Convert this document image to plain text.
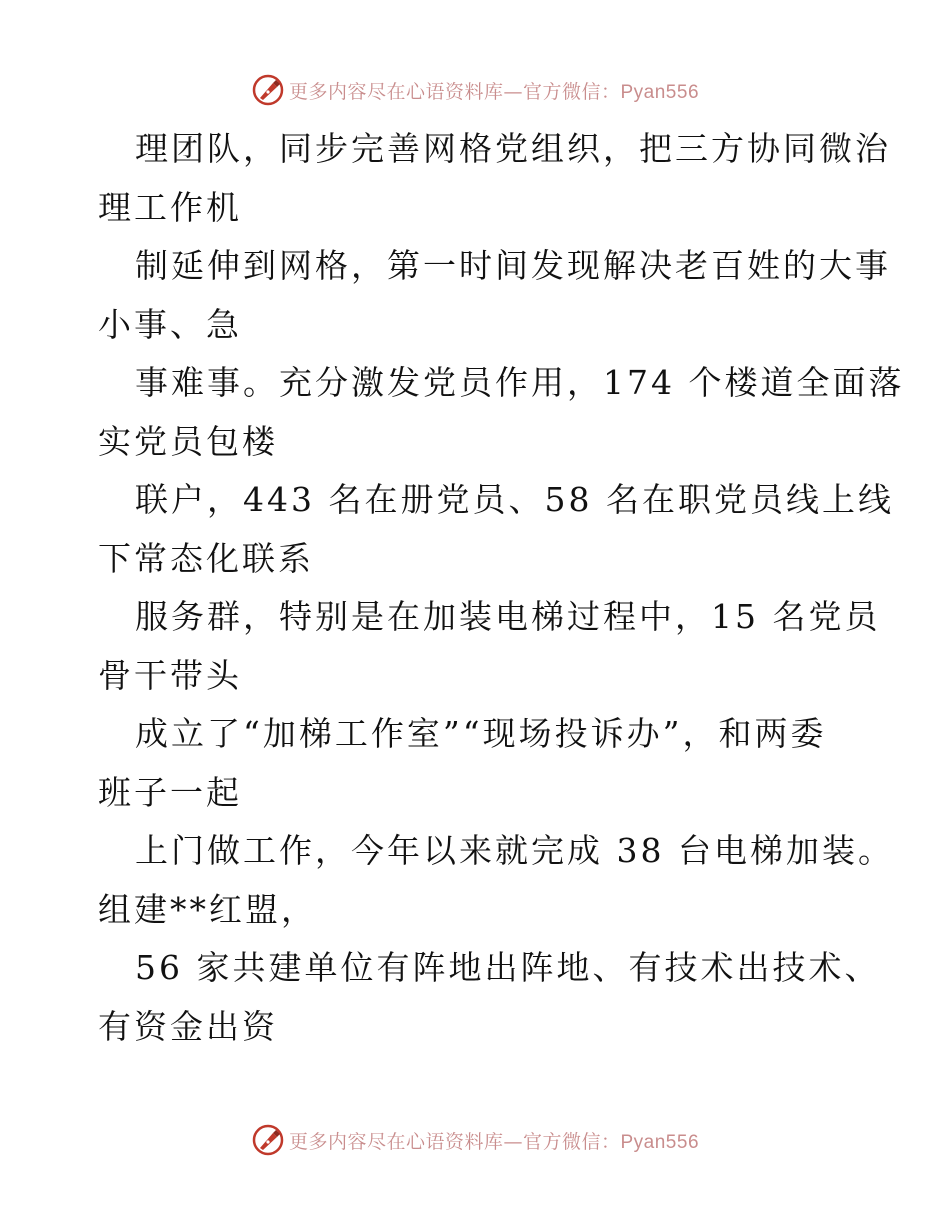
更多内容尽在心语资料库—官方微信：Pyan556
理团队，同步完善网格党组织，把三方协同微治
理工作机
制延伸到网格，第一时间发现解决老百姓的大事
小事、急
事难事。充分激发党员作用，174 个楼道全面落
实党员包楼
联户，443 名在册党员、58 名在职党员线上线
下常态化联系
服务群，特别是在加装电梯过程中，15 名党员
骨干带头
成立了“加梯工作室”“现场投诉办”，和两委
班子一起
上门做工作，今年以来就完成 38 台电梯加装。
组建**红盟，
56 家共建单位有阵地出阵地、有技术出技术、
有资金出资
更多内容尽在心语资料库—官方微信：Pyan556
